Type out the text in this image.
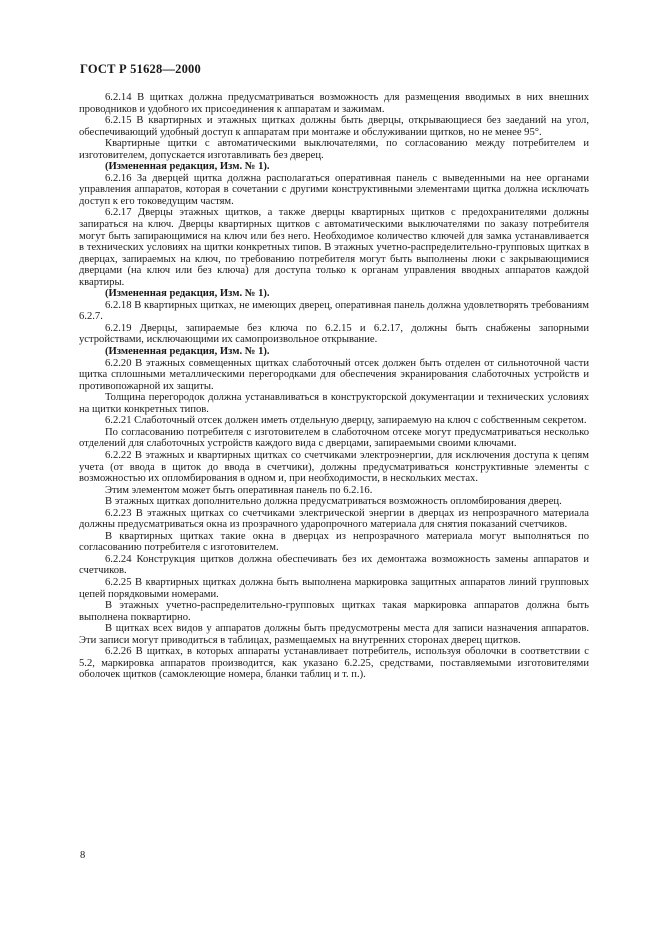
ГОСТ Р 51628—2000

6.2.14 В щитках должна предусматриваться возможность для размещения вводимых в них внешних проводников и удобного их присоединения к аппаратам и зажимам.

6.2.15 В квартирных и этажных щитках должны быть дверцы, открывающиеся без заеданий на угол, обеспечивающий удобный доступ к аппаратам при монтаже и обслуживании щитков, но не менее 95°.

Квартирные щитки с автоматическими выключателями, по согласованию между потребителем и изготовителем, допускается изготавливать без дверец.

(Измененная редакция, Изм. № 1).

6.2.16 За дверцей щитка должна располагаться оперативная панель с выведенными на нее органами управления аппаратов, которая в сочетании с другими конструктивными элементами щитка должна исключать доступ к его токоведущим частям.

6.2.17 Дверцы этажных щитков, а также дверцы квартирных щитков с предохранителями должны запираться на ключ. Дверцы квартирных щитков с автоматическими выключателями по заказу потребителя могут быть запирающимися на ключ или без него. Необходимое количество ключей для замка устанавливается в технических условиях на щитки конкретных типов. В этажных учетно-распределительно-групповых щитках в дверцах, запираемых на ключ, по требованию потребителя могут быть выполнены люки с закрывающимися дверцами (на ключ или без ключа) для доступа только к органам управления вводных аппаратов каждой квартиры.

(Измененная редакция, Изм. № 1).

6.2.18 В квартирных щитках, не имеющих дверец, оперативная панель должна удовлетворять требованиям 6.2.7.

6.2.19 Дверцы, запираемые без ключа по 6.2.15 и 6.2.17, должны быть снабжены запорными устройствами, исключающими их самопроизвольное открывание.

(Измененная редакция, Изм. № 1).

6.2.20 В этажных совмещенных щитках слаботочный отсек должен быть отделен от сильноточной части щитка сплошными металлическими перегородками для обеспечения экранирования слаботочных устройств и противопожарной их защиты.

Толщина перегородок должна устанавливаться в конструкторской документации и технических условиях на щитки конкретных типов.

6.2.21 Слаботочный отсек должен иметь отдельную дверцу, запираемую на ключ с собственным секретом.

По согласованию потребителя с изготовителем в слаботочном отсеке могут предусматриваться несколько отделений для слаботочных устройств каждого вида с дверцами, запираемыми своими ключами.

6.2.22 В этажных и квартирных щитках со счетчиками электроэнергии, для исключения доступа к цепям учета (от ввода в щиток до ввода в счетчики), должны предусматриваться конструктивные элементы с возможностью их опломбирования в одном и, при необходимости, в нескольких местах.

Этим элементом может быть оперативная панель по 6.2.16.

В этажных щитках дополнительно должна предусматриваться возможность опломбирования дверец.

6.2.23 В этажных щитках со счетчиками электрической энергии в дверцах из непрозрачного материала должны предусматриваться окна из прозрачного ударопрочного материала для снятия показаний счетчиков.

В квартирных щитках такие окна в дверцах из непрозрачного материала могут выполняться по согласованию потребителя с изготовителем.

6.2.24 Конструкция щитков должна обеспечивать без их демонтажа возможность замены аппаратов и счетчиков.

6.2.25 В квартирных щитках должна быть выполнена маркировка защитных аппаратов линий групповых цепей порядковыми номерами.

В этажных учетно-распределительно-групповых щитках такая маркировка аппаратов должна быть выполнена поквартирно.

В щитках всех видов у аппаратов должны быть предусмотрены места для записи назначения аппаратов. Эти записи могут приводиться в таблицах, размещаемых на внутренних сторонах дверец щитков.

6.2.26 В щитках, в которых аппараты устанавливает потребитель, используя оболочки в соответствии с 5.2, маркировка аппаратов производится, как указано 6.2.25, средствами, поставляемыми изготовителями оболочек щитков (самоклеющие номера, бланки таблиц и т. п.).

8
